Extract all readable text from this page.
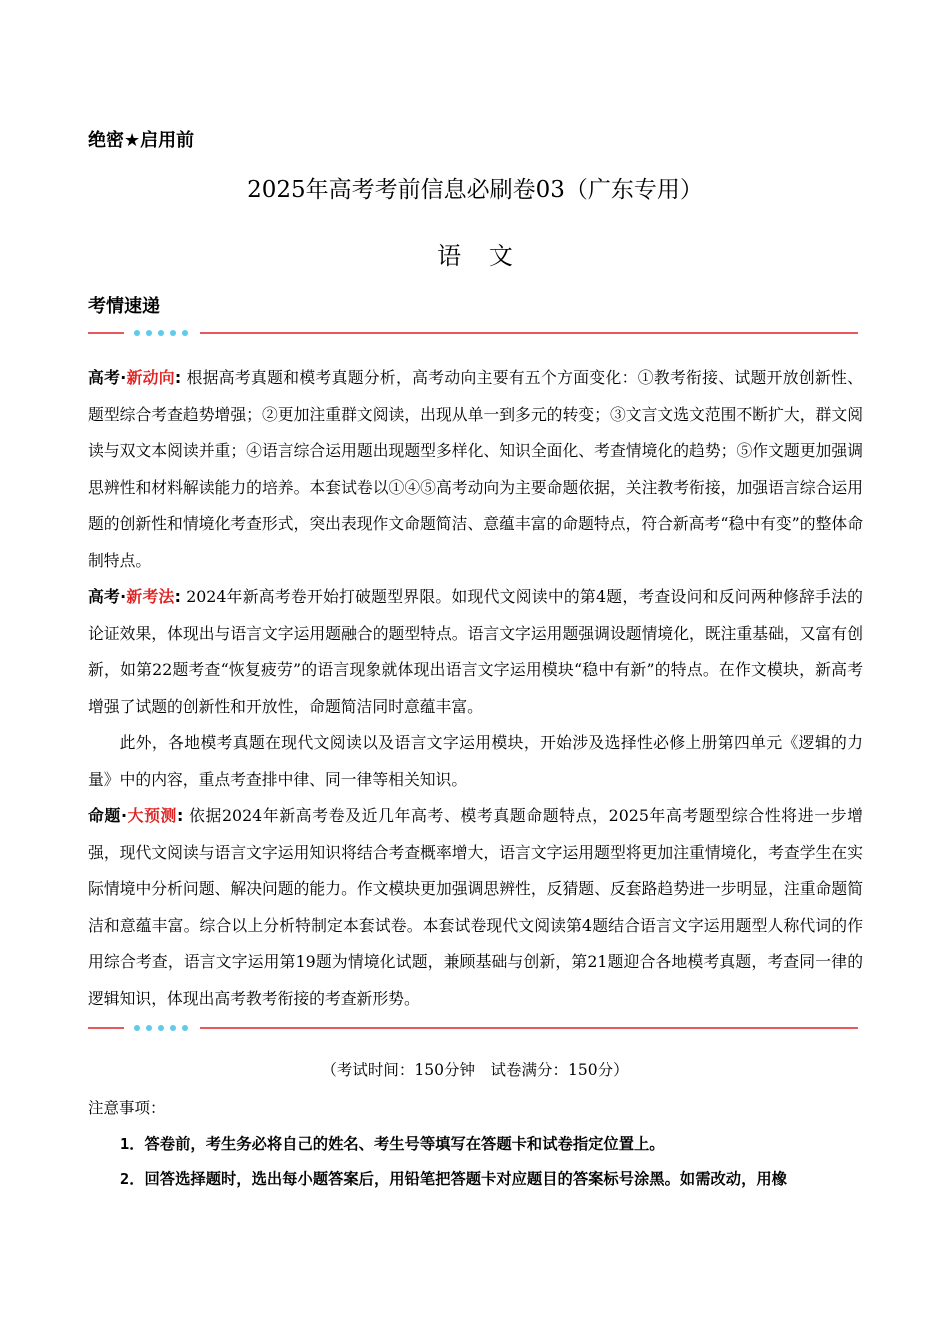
绝密★启用前
2025年高考考前信息必刷卷03（广东专用）
语 文
考情速递

高考·新动向: 根据高考真题和模考真题分析，高考动向主要有五个方面变化：①教考衔接、试题开放创新性、题型综合考查趋势增强；②更加注重群文阅读，出现从单一到多元的转变；③文言文选文范围不断扩大，群文阅读与双文本阅读并重；④语言综合运用题出现题型多样化、知识全面化、考查情境化的趋势；⑤作文题更加强调思辨性和材料解读能力的培养。本套试卷以①④⑤高考动向为主要命题依据，关注教考衔接，加强语言综合运用题的创新性和情境化考查形式，突出表现作文命题简洁、意蕴丰富的命题特点，符合新高考“稳中有变”的整体命制特点。

高考·新考法: 2024年新高考卷开始打破题型界限。如现代文阅读中的第4题，考查设问和反问两种修辞手法的论证效果，体现出与语言文字运用题融合的题型特点。语言文字运用题强调设题情境化，既注重基础，又富有创新，如第22题考查“恢复疲劳”的语言现象就体现出语言文字运用模块“稳中有新”的特点。在作文模块，新高考增强了试题的创新性和开放性，命题简洁同时意蕴丰富。

此外，各地模考真题在现代文阅读以及语言文字运用模块，开始涉及选择性必修上册第四单元《逻辑的力量》中的内容，重点考查排中律、同一律等相关知识。

命题·大预测: 依据2024年新高考卷及近几年高考、模考真题命题特点，2025年高考题型综合性将进一步增强，现代文阅读与语言文字运用知识将结合考查概率增大，语言文字运用题型将更加注重情境化，考查学生在实际情境中分析问题、解决问题的能力。作文模块更加强调思辨性，反猜题、反套路趋势进一步明显，注重命题简洁和意蕴丰富。综合以上分析特制定本套试卷。本套试卷现代文阅读第4题结合语言文字运用题型人称代词的作用综合考查，语言文字运用第19题为情境化试题，兼顾基础与创新，第21题迎合各地模考真题，考查同一律的逻辑知识，体现出高考教考衔接的考查新形势。

（考试时间：150分钟　试卷满分：150分）
注意事项：
1．答卷前，考生务必将自己的姓名、考生号等填写在答题卡和试卷指定位置上。
2．回答选择题时，选出每小题答案后，用铅笔把答题卡对应题目的答案标号涂黑。如需改动，用橡
